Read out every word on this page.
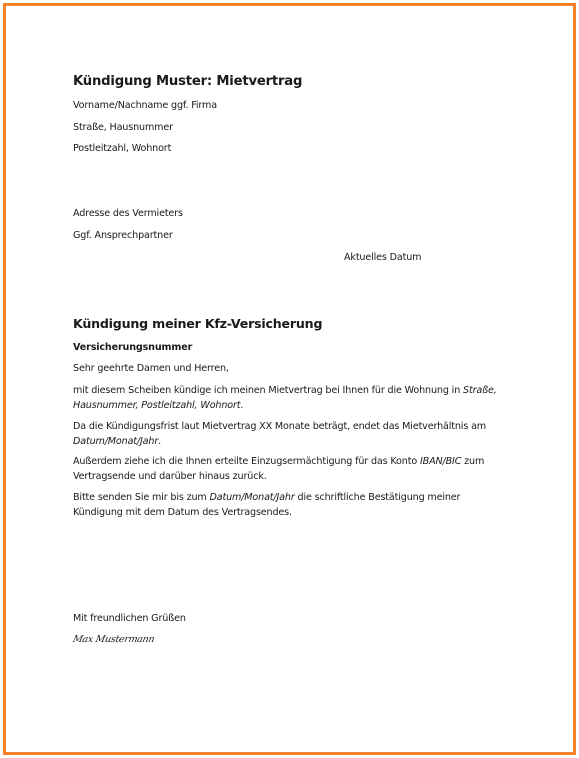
Kündigung Muster: Mietvertrag
Vorname/Nachname ggf. Firma
Straße, Hausnummer
Postleitzahl, Wohnort
Adresse des Vermieters
Ggf. Ansprechpartner
Aktuelles Datum
Kündigung meiner Kfz-Versicherung
Versicherungsnummer
Sehr geehrte Damen und Herren,
mit diesem Scheiben kündige ich meinen Mietvertrag bei Ihnen für die Wohnung in Straße, Hausnummer, Postleitzahl, Wohnort.
Da die Kündigungsfrist laut Mietvertrag XX Monate beträgt, endet das Mietverhältnis am Datum/Monat/Jahr.
Außerdem ziehe ich die Ihnen erteilte Einzugsermächtigung für das Konto IBAN/BIC zum Vertragsende und darüber hinaus zurück.
Bitte senden Sie mir bis zum Datum/Monat/Jahr die schriftliche Bestätigung meiner Kündigung mit dem Datum des Vertragsendes.
Mit freundlichen Grüßen
Max Mustermann
